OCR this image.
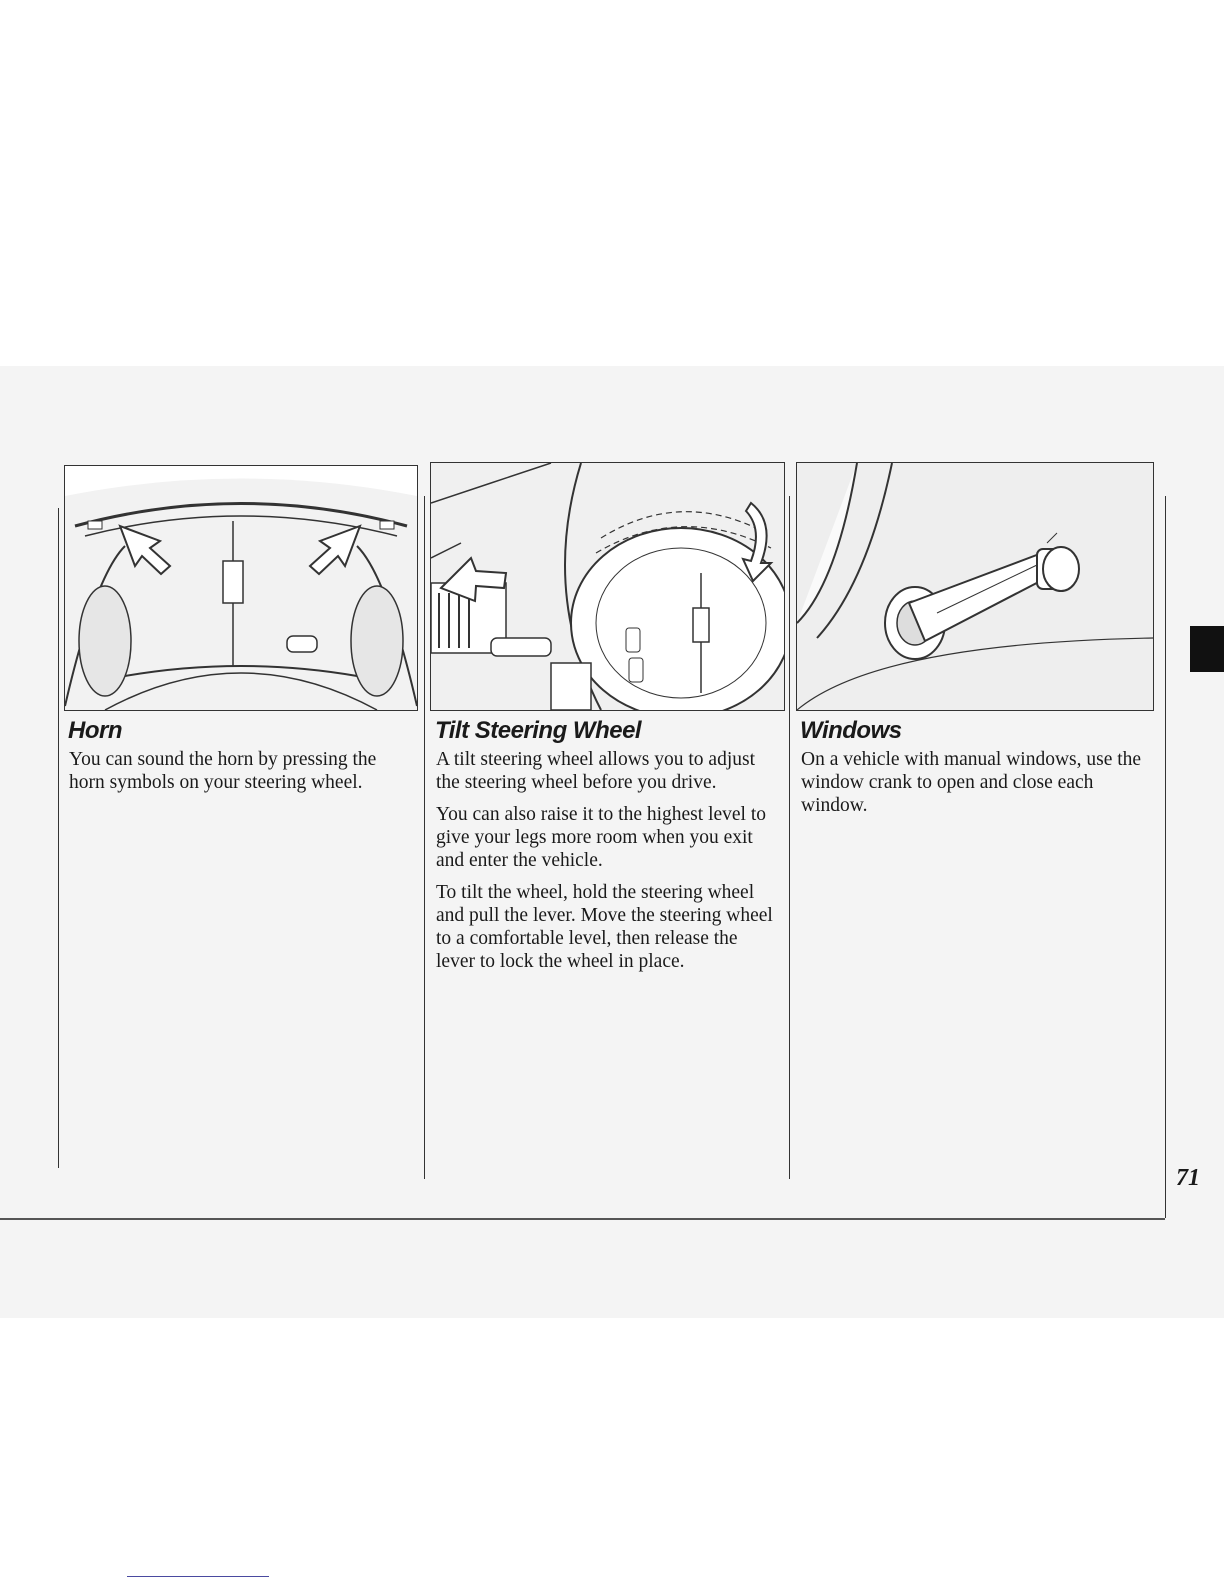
71
Horn

You can sound the horn by pressing the horn symbols on your steering wheel.

Tilt Steering Wheel

A tilt steering wheel allows you to adjust the steering wheel before you drive.

You can also raise it to the highest level to give your legs more room when you exit and enter the vehicle.

To tilt the wheel, hold the steering wheel and pull the lever. Move the steering wheel to a comfortable level, then release the lever to lock the wheel in place.

Windows

On a vehicle with manual windows, use the window crank to open and close each window.
